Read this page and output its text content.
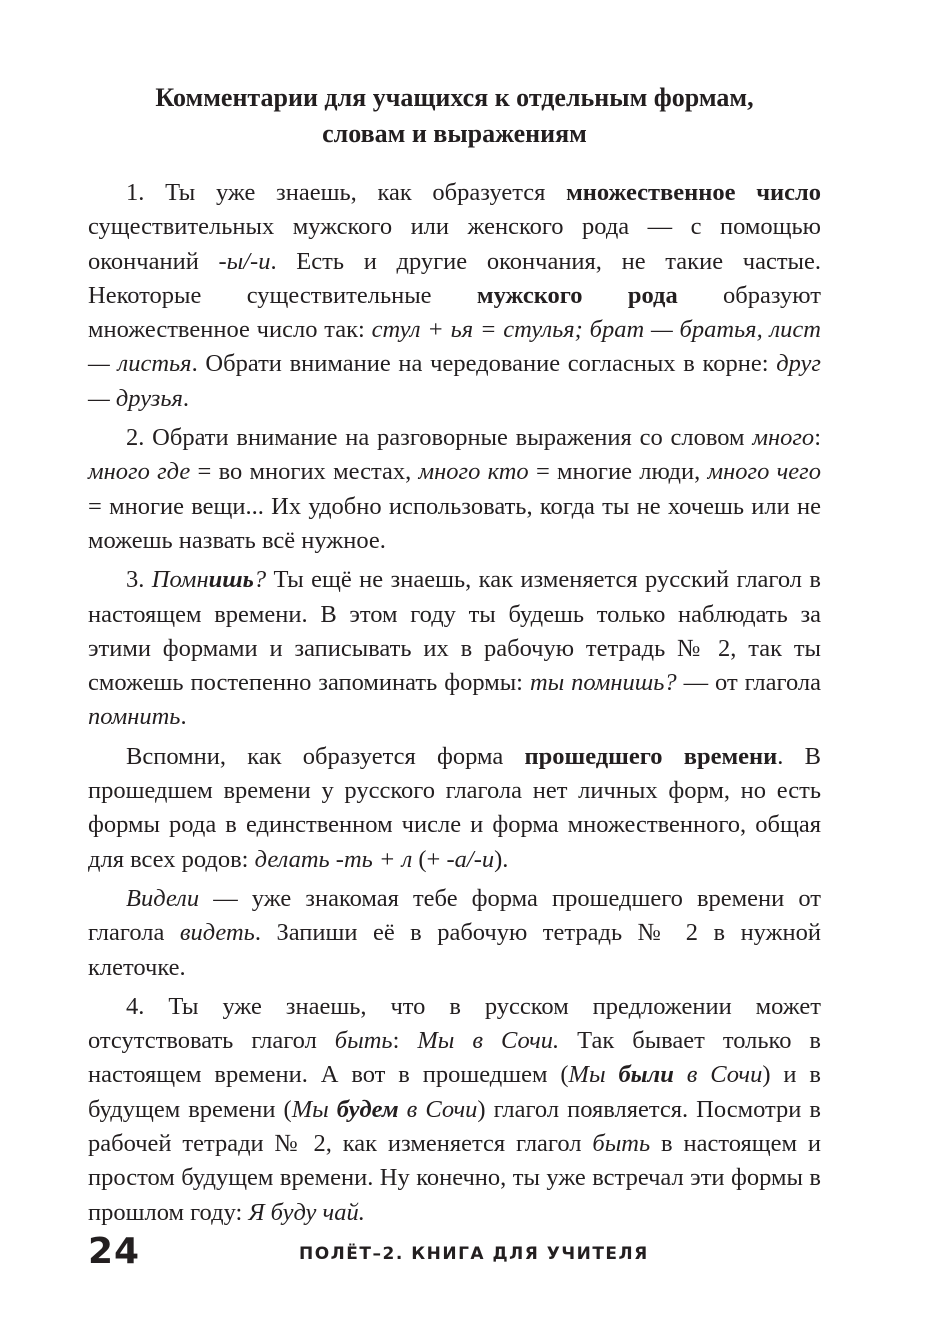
Комментарии для учащихся к отдельным формам,
словам и выражениям

1. Ты уже знаешь, как образуется множественное число существительных мужского или женского рода — с помощью окончаний -ы/-и. Есть и другие окончания, не такие частые. Некоторые существительные мужского рода образуют множественное число так: стул + ья = стулья; брат — братья, лист — листья. Обрати внимание на чередование согласных в корне: друг — друзья.

2. Обрати внимание на разговорные выражения со словом много: много где = во многих местах, много кто = многие люди, много чего = многие вещи... Их удобно использовать, когда ты не хочешь или не можешь назвать всё нужное.

3. Помнишь? Ты ещё не знаешь, как изменяется русский глагол в настоящем времени. В этом году ты будешь только наблюдать за этими формами и записывать их в рабочую тетрадь № 2, так ты сможешь постепенно запоминать формы: ты помнишь? — от глагола помнить.

Вспомни, как образуется форма прошедшего времени. В прошедшем времени у русского глагола нет личных форм, но есть формы рода в единственном числе и форма множественного, общая для всех родов: делать -ть + л (+ -а/-и).

Видели — уже знакомая тебе форма прошедшего времени от глагола видеть. Запиши её в рабочую тетрадь № 2 в нужной клеточке.

4. Ты уже знаешь, что в русском предложении может отсутствовать глагол быть: Мы в Сочи. Так бывает только в настоящем времени. А вот в прошедшем (Мы были в Сочи) и в будущем времени (Мы будем в Сочи) глагол появляется. Посмотри в рабочей тетради № 2, как изменяется глагол быть в настоящем и простом будущем времени. Ну конечно, ты уже встречал эти формы в прошлом году: Я буду чай.

24	ПОЛЁТ–2. КНИГА ДЛЯ УЧИТЕЛЯ
